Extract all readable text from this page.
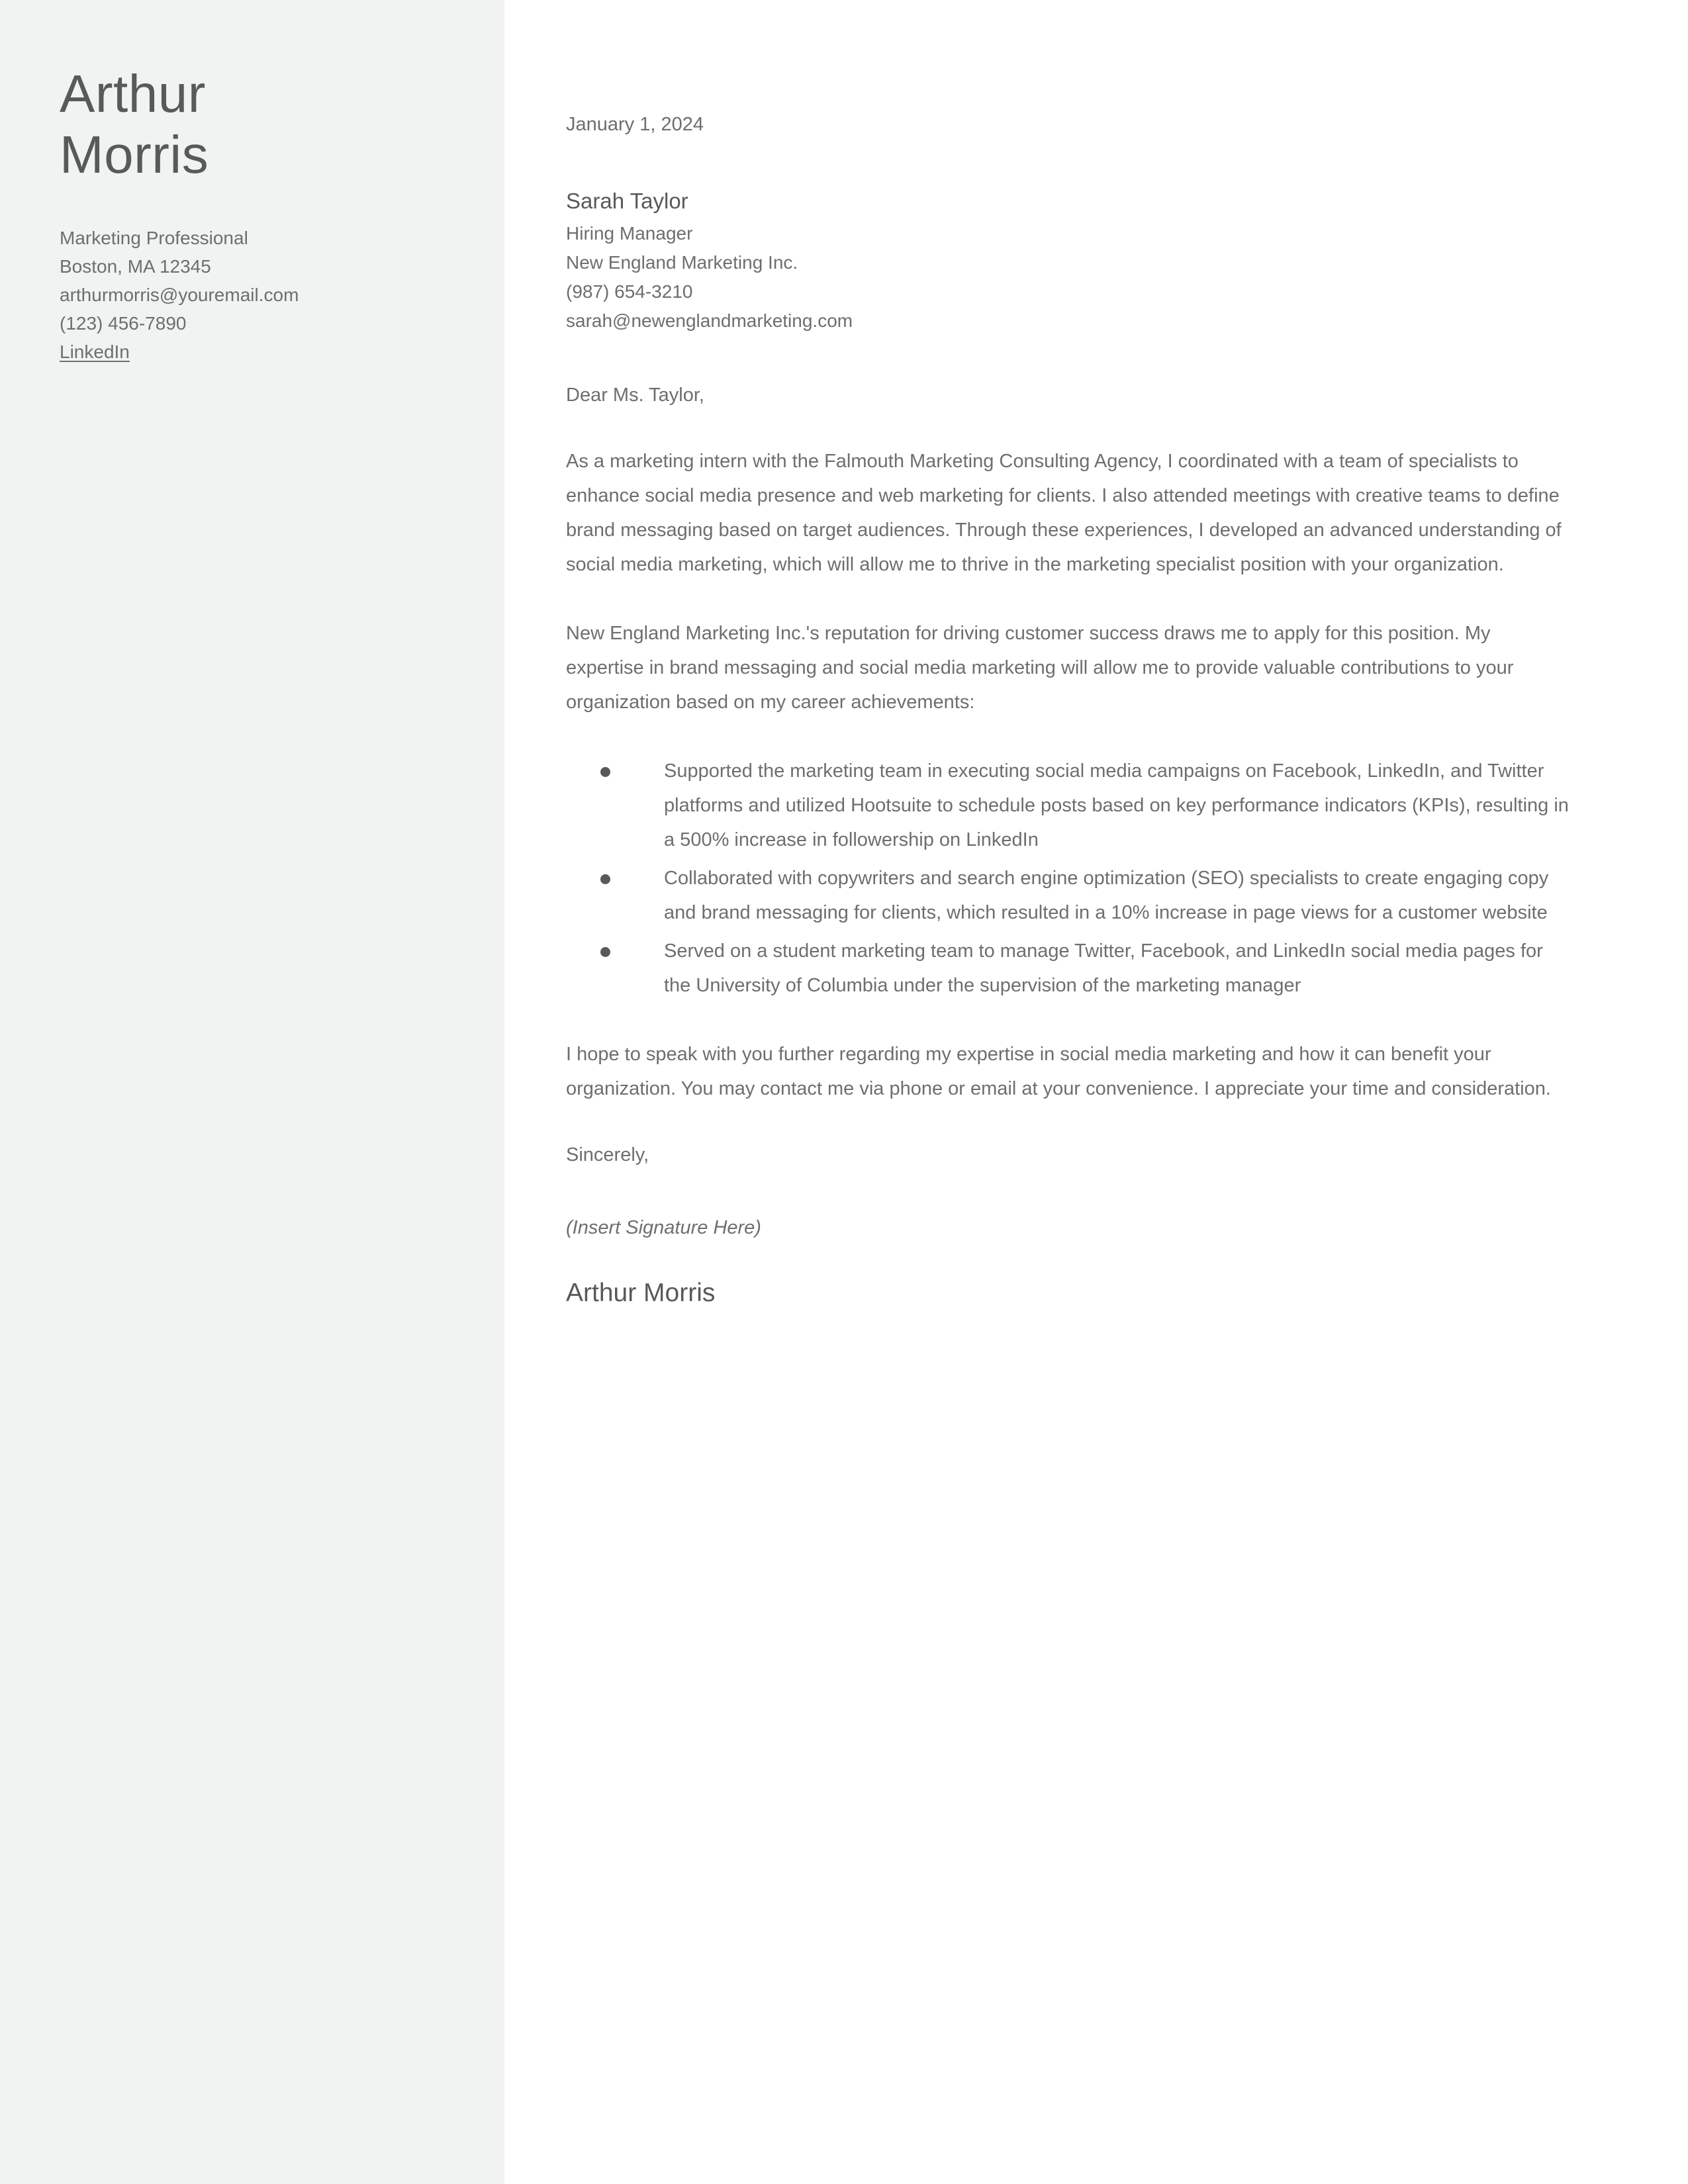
Arthur
Morris
Marketing Professional
Boston, MA 12345
arthurmorris@youremail.com
(123) 456-7890
LinkedIn
January 1, 2024
Sarah Taylor
Hiring Manager
New England Marketing Inc.
(987) 654-3210
sarah@newenglandmarketing.com
Dear Ms. Taylor,

As a marketing intern with the Falmouth Marketing Consulting Agency, I coordinated with a team of specialists to enhance social media presence and web marketing for clients. I also attended meetings with creative teams to define brand messaging based on target audiences. Through these experiences, I developed an advanced understanding of social media marketing, which will allow me to thrive in the marketing specialist position with your organization.

New England Marketing Inc.'s reputation for driving customer success draws me to apply for this position. My expertise in brand messaging and social media marketing will allow me to provide valuable contributions to your organization based on my career achievements:

Supported the marketing team in executing social media campaigns on Facebook, LinkedIn, and Twitter platforms and utilized Hootsuite to schedule posts based on key performance indicators (KPIs), resulting in a 500% increase in followership on LinkedIn
Collaborated with copywriters and search engine optimization (SEO) specialists to create engaging copy and brand messaging for clients, which resulted in a 10% increase in page views for a customer website
Served on a student marketing team to manage Twitter, Facebook, and LinkedIn social media pages for the University of Columbia under the supervision of the marketing manager

I hope to speak with you further regarding my expertise in social media marketing and how it can benefit your organization. You may contact me via phone or email at your convenience. I appreciate your time and consideration.

Sincerely,
(Insert Signature Here)
Arthur Morris
